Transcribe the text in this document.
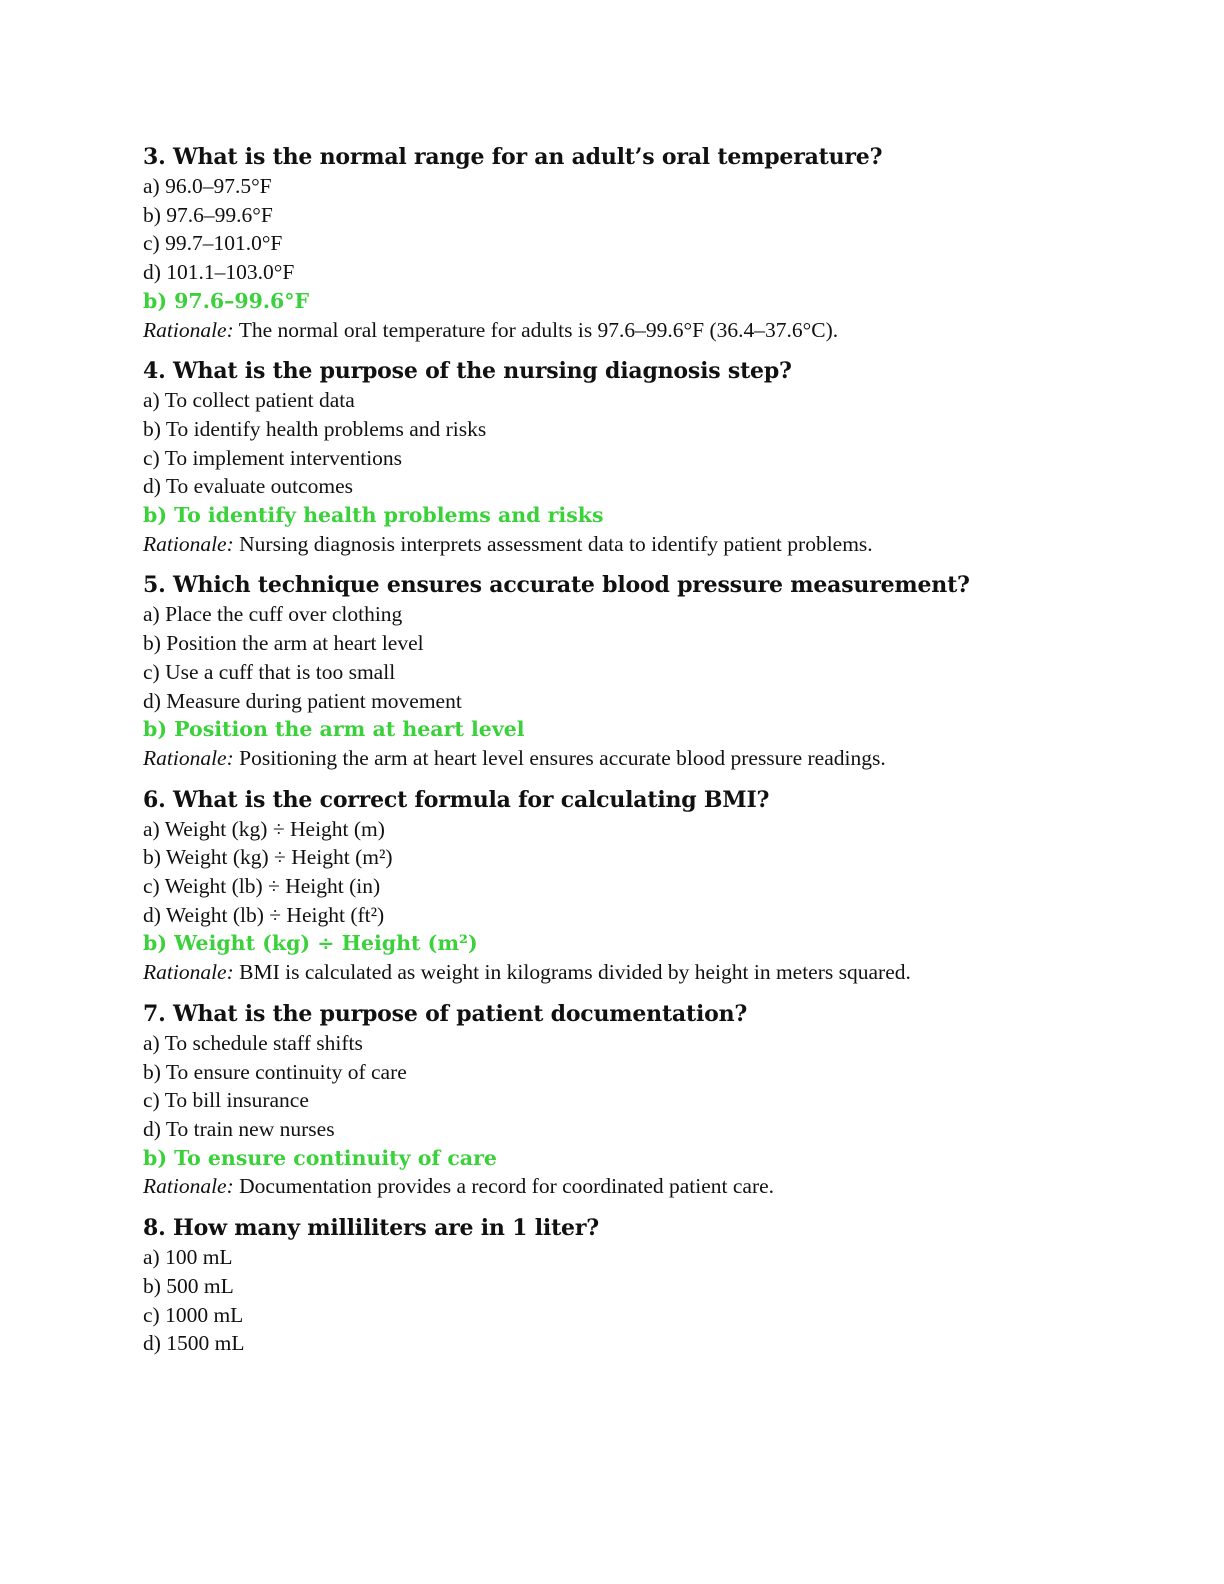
3. What is the normal range for an adult’s oral temperature?

a) 96.0–97.5°F

b) 97.6–99.6°F

c) 99.7–101.0°F

d) 101.1–103.0°F

b) 97.6–99.6°F

Rationale: The normal oral temperature for adults is 97.6–99.6°F (36.4–37.6°C).

4. What is the purpose of the nursing diagnosis step?

a) To collect patient data

b) To identify health problems and risks

c) To implement interventions

d) To evaluate outcomes

b) To identify health problems and risks

Rationale: Nursing diagnosis interprets assessment data to identify patient problems.

5. Which technique ensures accurate blood pressure measurement?

a) Place the cuff over clothing

b) Position the arm at heart level

c) Use a cuff that is too small

d) Measure during patient movement

b) Position the arm at heart level

Rationale: Positioning the arm at heart level ensures accurate blood pressure readings.

6. What is the correct formula for calculating BMI?

a) Weight (kg) ÷ Height (m)

b) Weight (kg) ÷ Height (m²)

c) Weight (lb) ÷ Height (in)

d) Weight (lb) ÷ Height (ft²)

b) Weight (kg) ÷ Height (m²)

Rationale: BMI is calculated as weight in kilograms divided by height in meters squared.

7. What is the purpose of patient documentation?

a) To schedule staff shifts

b) To ensure continuity of care

c) To bill insurance

d) To train new nurses

b) To ensure continuity of care

Rationale: Documentation provides a record for coordinated patient care.

8. How many milliliters are in 1 liter?

a) 100 mL

b) 500 mL

c) 1000 mL

d) 1500 mL
